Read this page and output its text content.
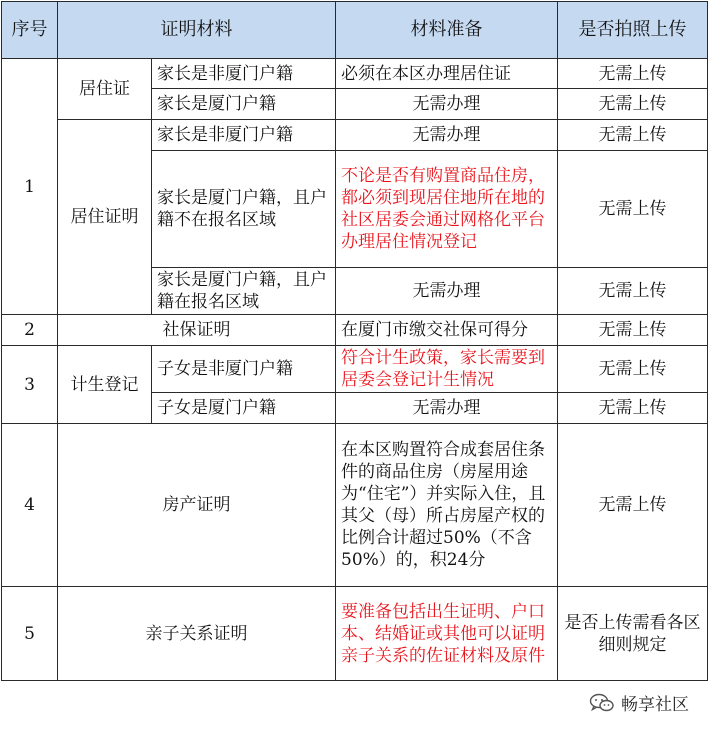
序号	证明材料		材料准备	是否拍照上传
1	居住证	家长是非厦门户籍	必须在本区办理居住证	无需上传
		家长是厦门户籍	无需办理	无需上传
	居住证明	家长是非厦门户籍	无需办理	无需上传
		家长是厦门户籍，且户籍不在报名区域	不论是否有购置商品住房，都必须到现居住地所在地的社区居委会通过网格化平台办理居住情况登记	无需上传
		家长是厦门户籍，且户籍在报名区域	无需办理	无需上传
2	社保证明		在厦门市缴交社保可得分	无需上传
3	计生登记	子女是非厦门户籍	符合计生政策，家长需要到居委会登记计生情况	无需上传
		子女是厦门户籍	无需办理	无需上传
4	房产证明		在本区购置符合成套居住条件的商品住房（房屋用途为“住宅”）并实际入住，且其父（母）所占房屋产权的比例合计超过50%（不含50%）的，积24分	无需上传
5	亲子关系证明		要准备包括出生证明、户口本、结婚证或其他可以证明亲子关系的佐证材料及原件	是否上传需看各区细则规定
畅享社区
